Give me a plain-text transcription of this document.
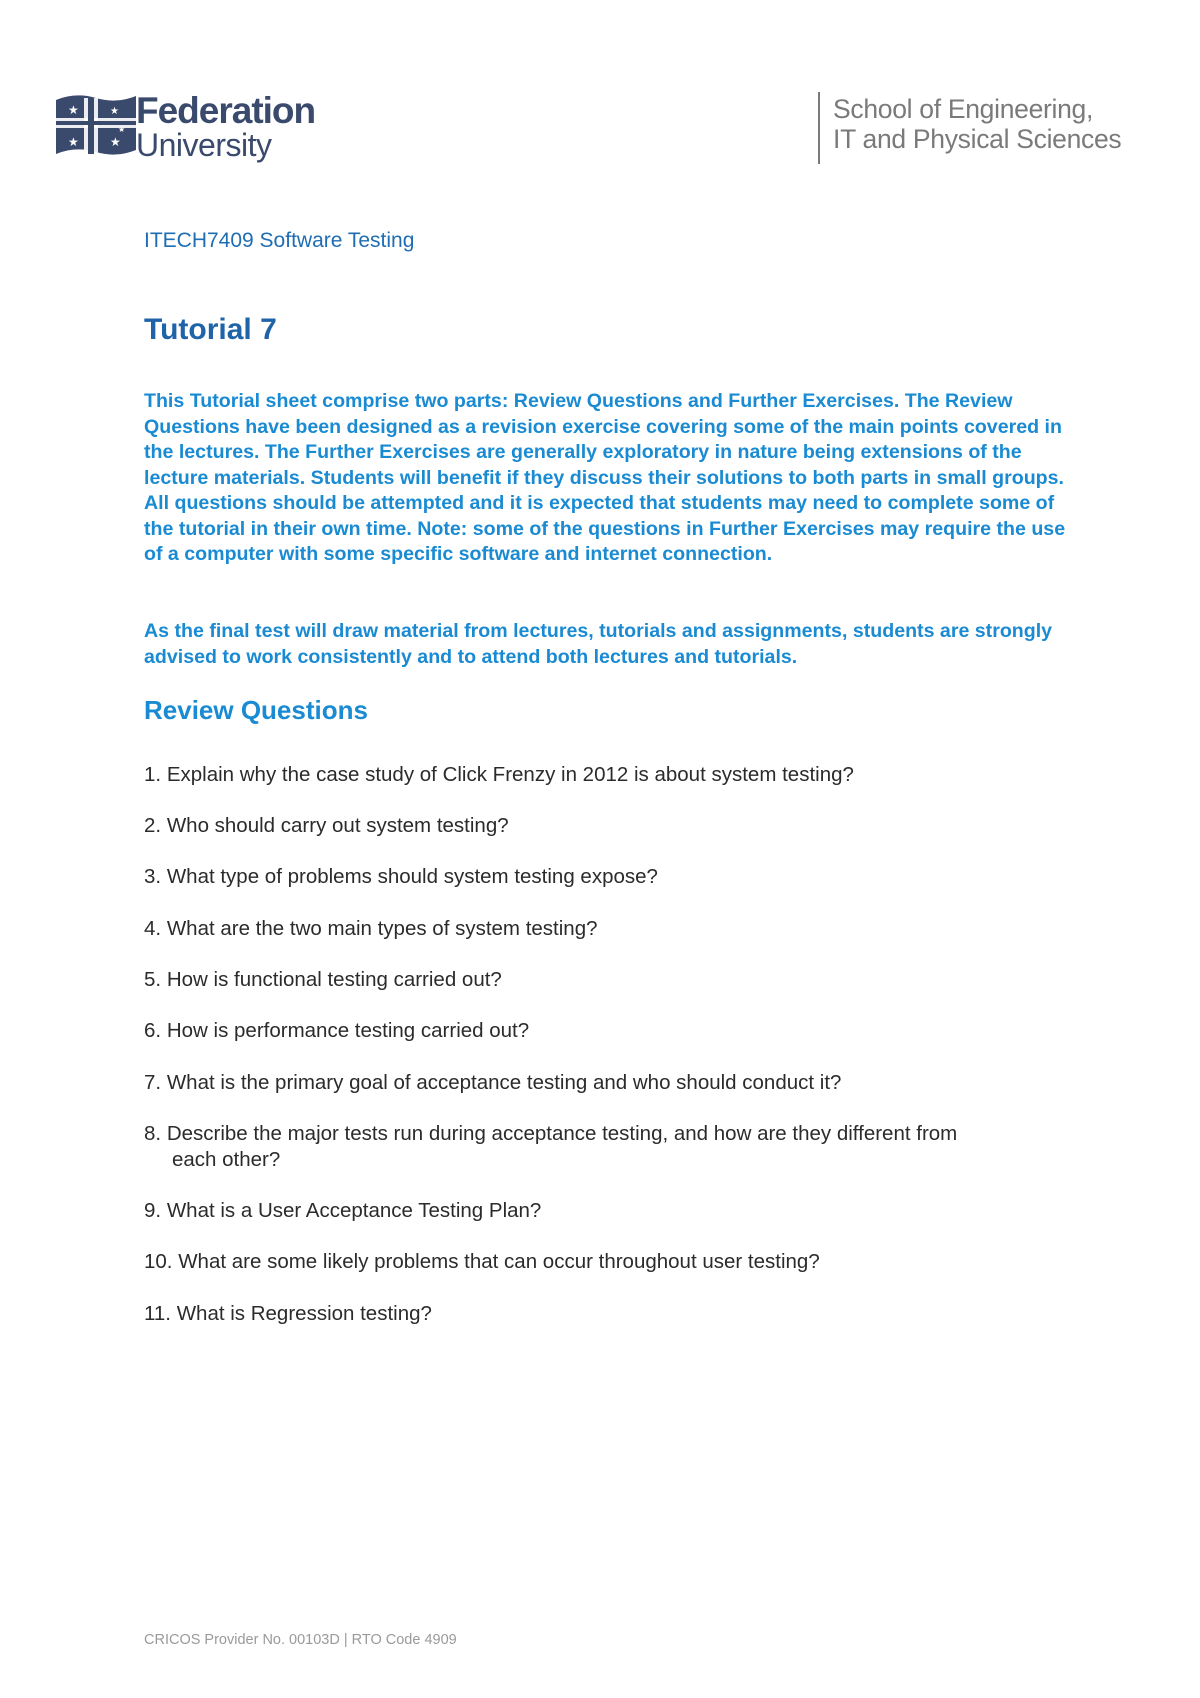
★	★
★	★
★ Federation
University
School of Engineering,
IT and Physical Sciences
ITECH7409 Software Testing
Tutorial 7

This Tutorial sheet comprise two parts: Review Questions and Further Exercises. The Review Questions have been designed as a revision exercise covering some of the main points covered in the lectures. The Further Exercises are generally exploratory in nature being extensions of the lecture materials. Students will benefit if they discuss their solutions to both parts in small groups. All questions should be attempted and it is expected that students may need to complete some of the tutorial in their own time. Note: some of the questions in Further Exercises may require the use of a computer with some specific software and internet connection.

As the final test will draw material from lectures, tutorials and assignments, students are strongly advised to work consistently and to attend both lectures and tutorials.

Review Questions
1. Explain why the case study of Click Frenzy in 2012 is about system testing?
2. Who should carry out system testing?
3. What type of problems should system testing expose?
4. What are the two main types of system testing?
5. How is functional testing carried out?
6. How is performance testing carried out?
7. What is the primary goal of acceptance testing and who should conduct it?
8. Describe the major tests run during acceptance testing, and how are they different from
each other?
9. What is a User Acceptance Testing Plan?
10. What are some likely problems that can occur throughout user testing?
11. What is Regression testing?
CRICOS Provider No. 00103D | RTO Code 4909
